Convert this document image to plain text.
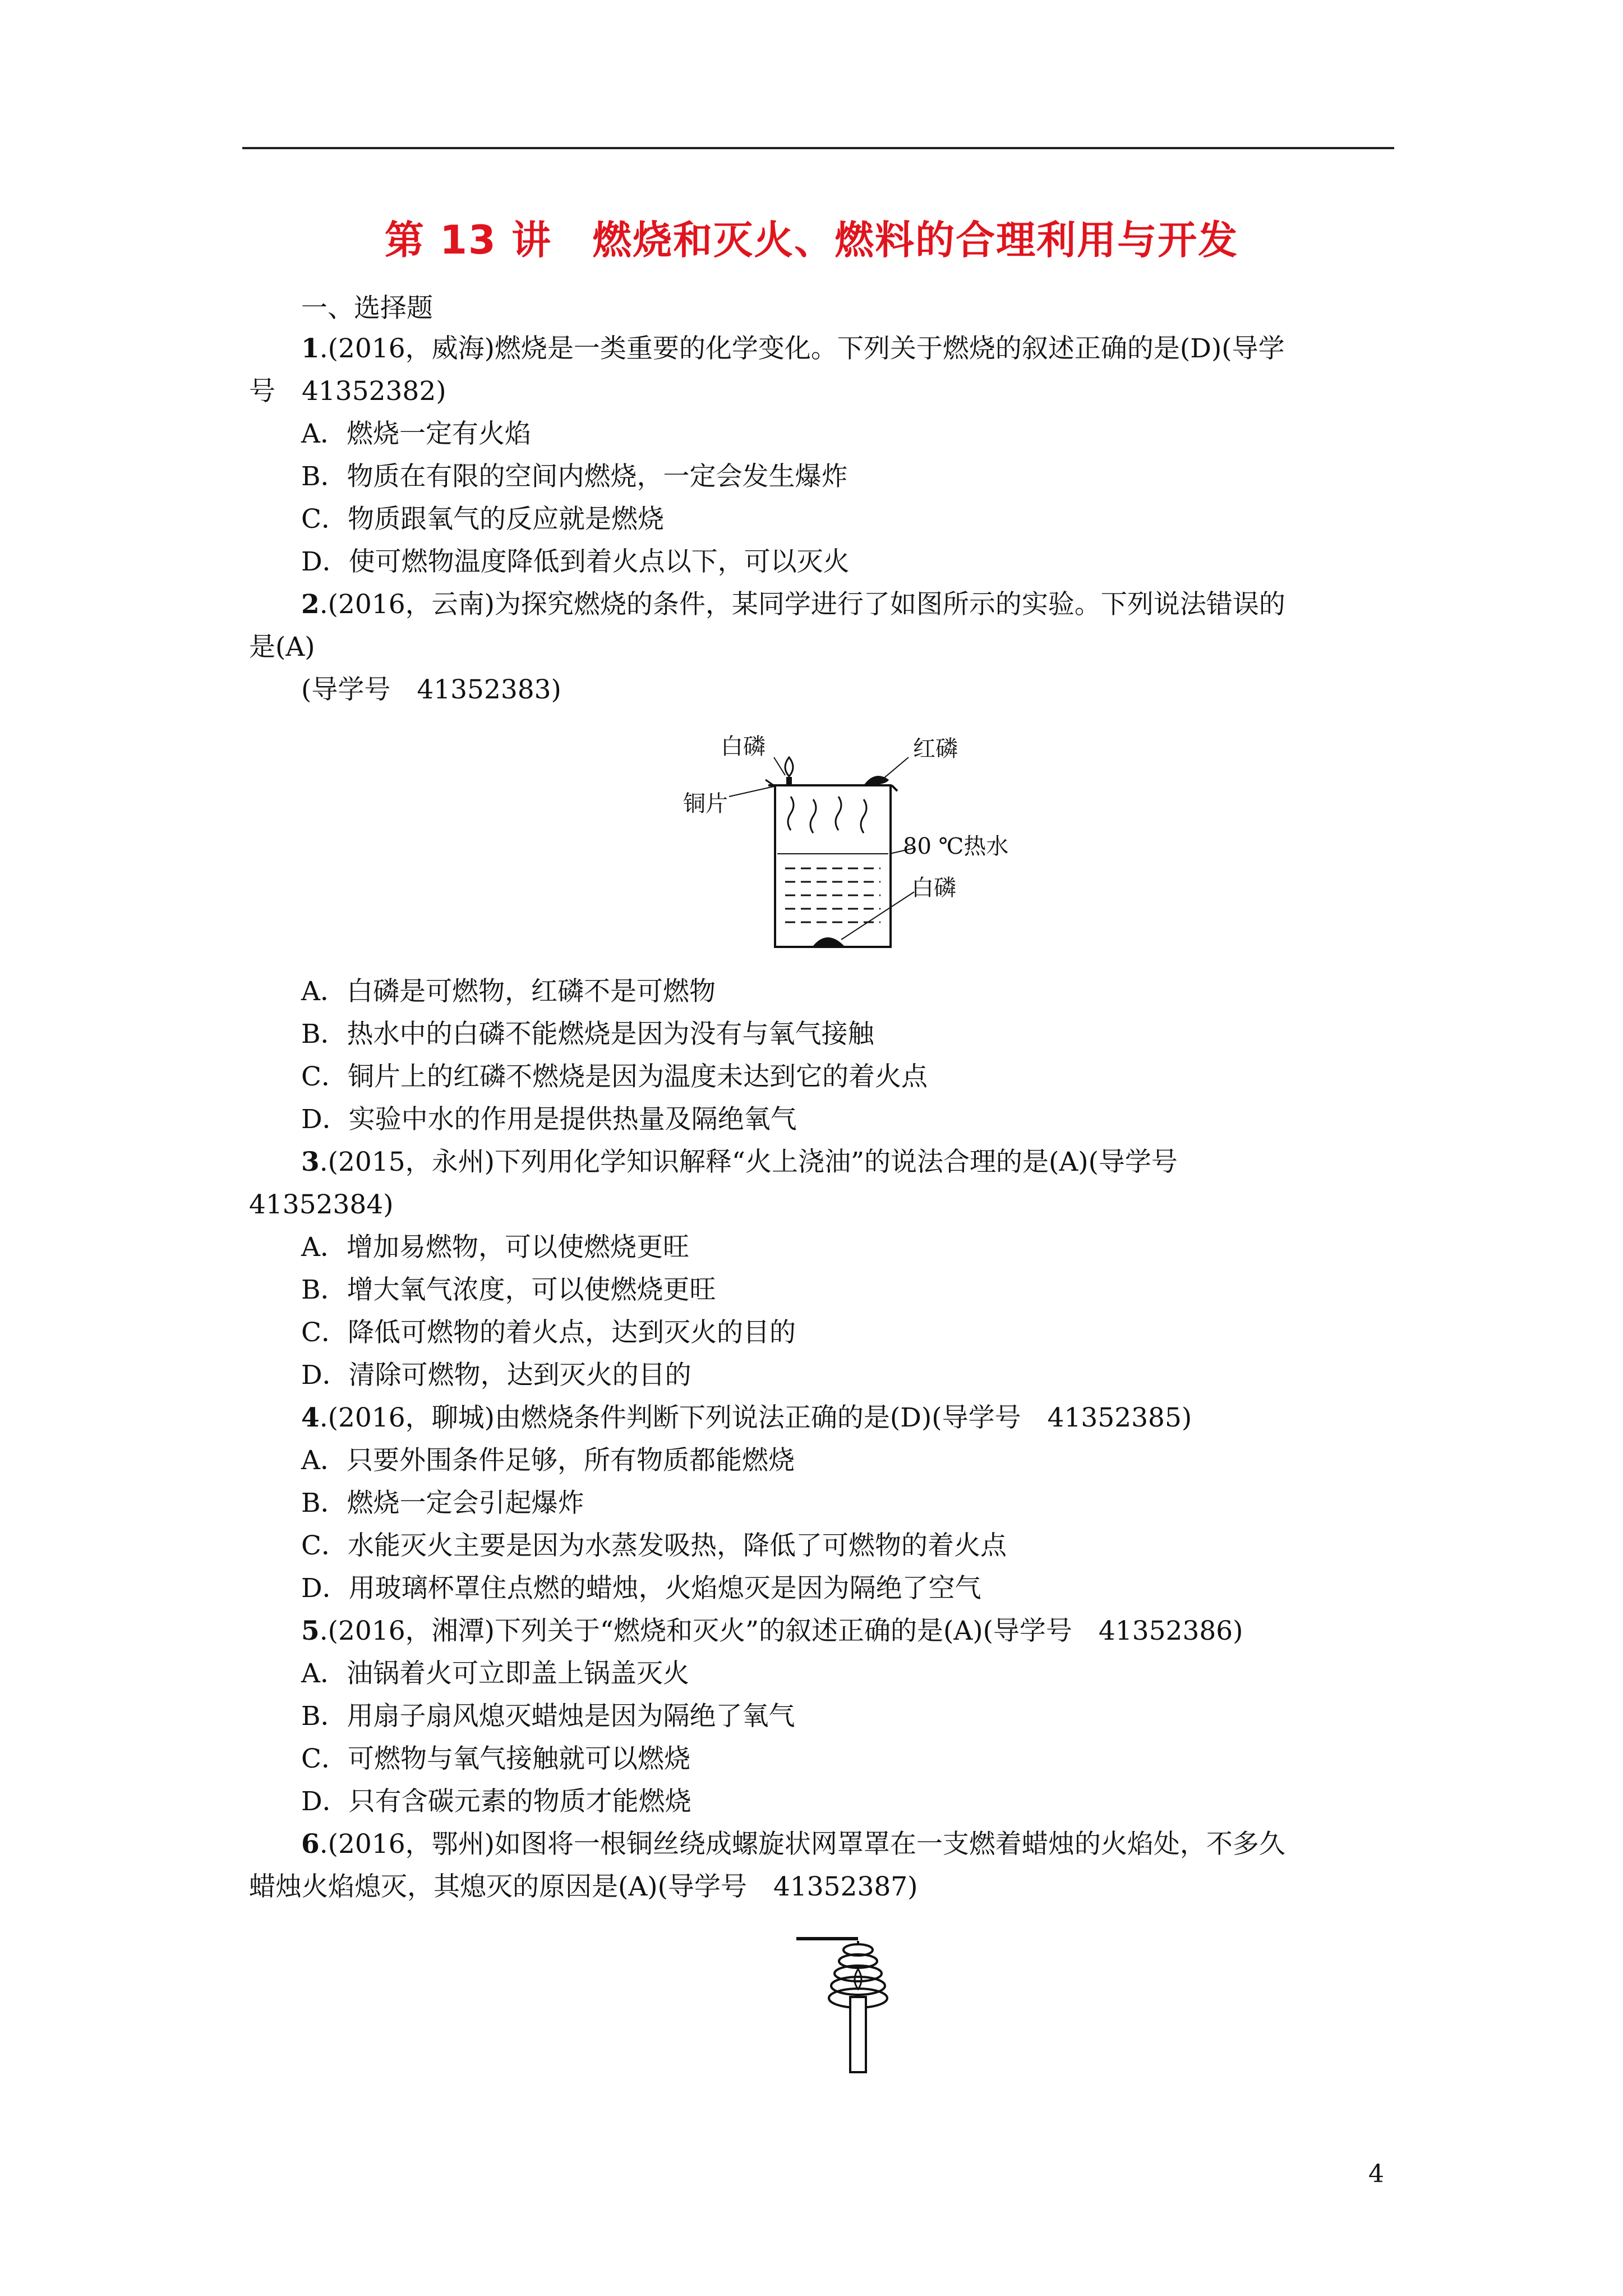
第 13 讲　燃烧和灭火、燃料的合理利用与开发
一、选择题
1.(2016，威海)燃烧是一类重要的化学变化。下列关于燃烧的叙述正确的是(D)(导学
号　41352382)
A．燃烧一定有火焰
B．物质在有限的空间内燃烧，一定会发生爆炸
C．物质跟氧气的反应就是燃烧
D．使可燃物温度降低到着火点以下，可以灭火
2.(2016，云南)为探究燃烧的条件，某同学进行了如图所示的实验。下列说法错误的
是(A)
(导学号　41352383)
白磷	红磷
铜片
80 ℃热水
白磷
A．白磷是可燃物，红磷不是可燃物
B．热水中的白磷不能燃烧是因为没有与氧气接触
C．铜片上的红磷不燃烧是因为温度未达到它的着火点
D．实验中水的作用是提供热量及隔绝氧气
3.(2015，永州)下列用化学知识解释“火上浇油”的说法合理的是(A)(导学号
41352384)
A．增加易燃物，可以使燃烧更旺
B．增大氧气浓度，可以使燃烧更旺
C．降低可燃物的着火点，达到灭火的目的
D．清除可燃物，达到灭火的目的
4.(2016，聊城)由燃烧条件判断下列说法正确的是(D)(导学号　41352385)
A．只要外围条件足够，所有物质都能燃烧
B．燃烧一定会引起爆炸
C．水能灭火主要是因为水蒸发吸热，降低了可燃物的着火点
D．用玻璃杯罩住点燃的蜡烛，火焰熄灭是因为隔绝了空气
5.(2016，湘潭)下列关于“燃烧和灭火”的叙述正确的是(A)(导学号　41352386)
A．油锅着火可立即盖上锅盖灭火
B．用扇子扇风熄灭蜡烛是因为隔绝了氧气
C．可燃物与氧气接触就可以燃烧
D．只有含碳元素的物质才能燃烧
6.(2016，鄂州)如图将一根铜丝绕成螺旋状网罩罩在一支燃着蜡烛的火焰处，不多久
蜡烛火焰熄灭，其熄灭的原因是(A)(导学号　41352387)
4
